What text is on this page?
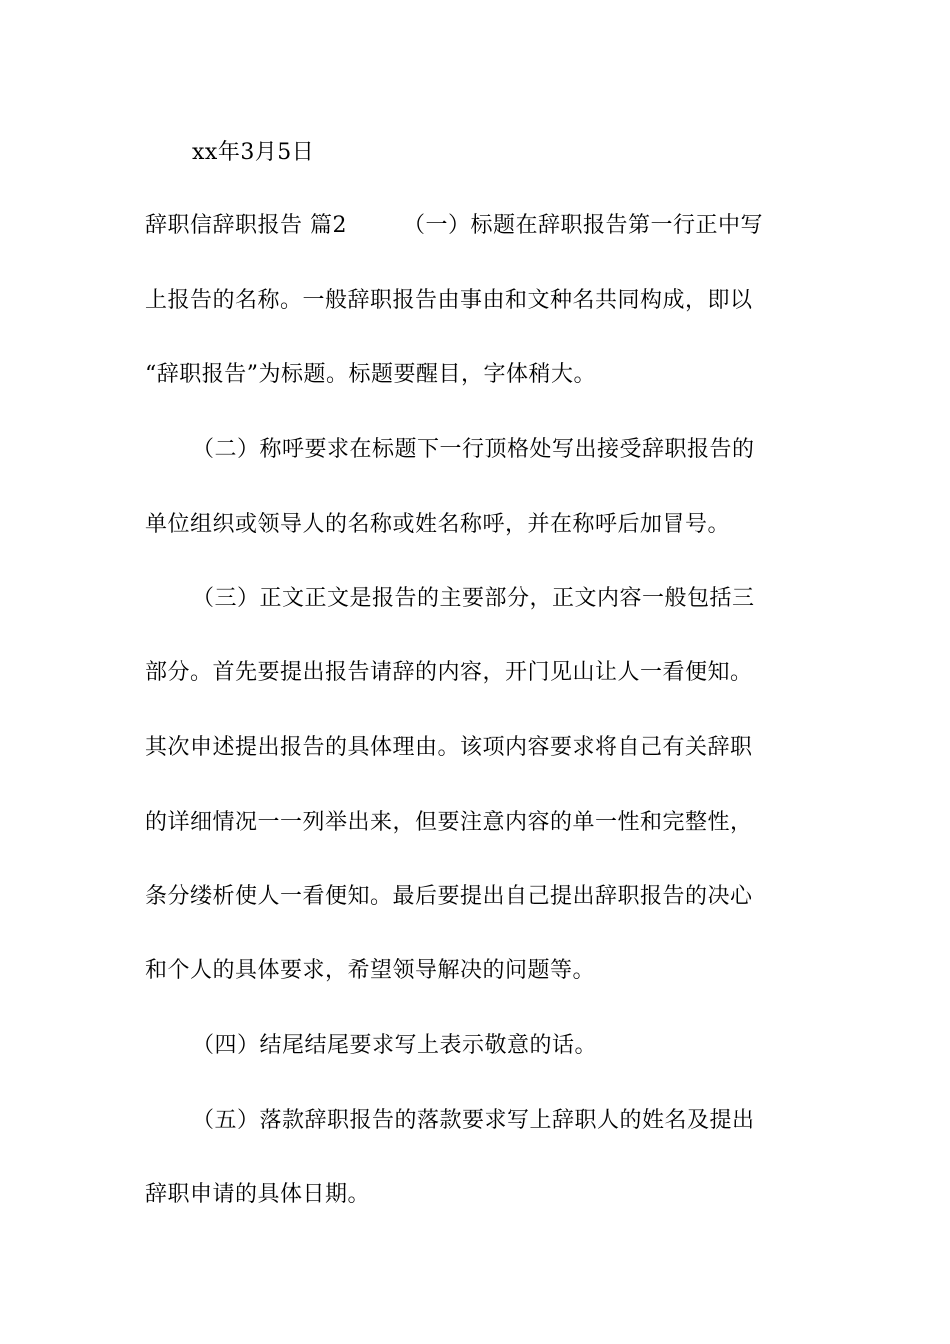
xx年3月5日
辞职信辞职报告 篇2	（一）标题在辞职报告第一行正中写
上报告的名称。一般辞职报告由事由和文种名共同构成，即以
“辞职报告”为标题。标题要醒目，字体稍大。
（二）称呼要求在标题下一行顶格处写出接受辞职报告的
单位组织或领导人的名称或姓名称呼，并在称呼后加冒号。
（三）正文正文是报告的主要部分，正文内容一般包括三
部分。首先要提出报告请辞的内容，开门见山让人一看便知。
其次申述提出报告的具体理由。该项内容要求将自己有关辞职
的详细情况一一列举出来，但要注意内容的单一性和完整性，
条分缕析使人一看便知。最后要提出自己提出辞职报告的决心
和个人的具体要求，希望领导解决的问题等。
（四）结尾结尾要求写上表示敬意的话。
（五）落款辞职报告的落款要求写上辞职人的姓名及提出
辞职申请的具体日期。
